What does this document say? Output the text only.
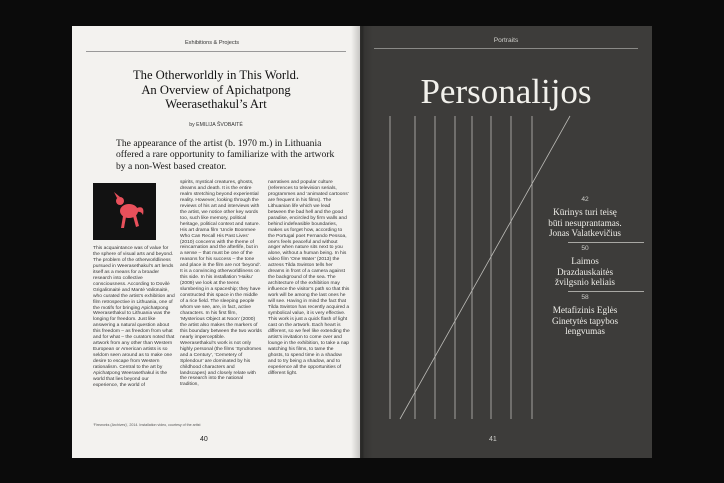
Exhibitions & Projects
The Otherworldly in This World.
An Overview of Apichatpong
Weerasethakul’s Art
by EMILIJA ŠVOBAITĖ
The appearance of the artist (b. 1970 m.) in Lithuania offered a rare opportunity to familiarize with the artwork by a non-West based creator.
This acquaintance was of value for the sphere of visual arts and beyond. The problem of the otherworldliness pursued in Weerasethakul’s art lends itself as a means for a broader research into collective consciousness. According to Dovilė Grigaliūnaitė and Mantė Valiūnaitė, who curated the artist’s exhibition and film retrospective in Lithuania, one of the motifs for bringing Apichatpong Weerasethakul to Lithuania was the longing for freedom. Just like answering a natural question about this freedom – as freedom from what and for what – the curators noted that artwork from any other than Western European or American artists is so seldom seen around as to make one desire to escape from Western rationalism. Central to the art by Apichatpong Weerasethakul is the world that lies beyond our experience, the world of
spirits, mystical creatures, ghosts, dreams and death. It is the entire realm stretching beyond experiential reality. However, looking through the reviews of his art and interviews with the artist, we notice other key words too, such like memory, political heritage, political context and nature. His art drama film ‘Uncle Boonmee Who Can Recall His Past Lives’ (2010) concerns with the theme of reincarnation and the afterlife, but in a sense – that must be one of the reasons for his success – the tone and place in the film are not ‘beyond’. It is a convincing otherworldliness on this side. In his installation ‘Haiku’ (2009) we look at the teens slumbering in a spaceship; they have constructed this space in the middle of a rice field. The sleeping people whom we see, are, in fact, active characters. In his first film, ‘Mysterious Object at Noon’ (2000) the artist also makes the markers of this boundary between the two worlds nearly imperceptible. Weerasethakul’s work is not only highly personal (the films ‘Syndromes and a Century’, ‘Cemetery of Splendour’ are dominated by his childhood characters and landscapes) and closely relate with the research into the national tradition,
narratives and popular culture (references to television serials, programmes and ‘animated cartoons’ are frequent in his films). The Lithuanian life which we lead between the bad hell and the good paradise, encircled by firm walls and behind indefeasible boundaries, makes us forget how, according to the Portugal poet Fernando Pessoa, one’s feels peaceful and without anger when nature sits next to you alone, without a human being. In his video film ‘One Water’ (2013) the actress Tilda Swinton tells her dreams in front of a camera against the background of the sea. The architecture of the exhibition may influence the visitor’s path so that this work will be among the last ones he will see. Having in mind the fact that Tilda Swinton has recently acquired a symbolical value, it is very effective. This work is just a quick flash of light cast on the artwork. Each heart is different, so we feel like extending the artist’s invitation to come over and lounge in the exhibition, to take a nap watching his films, to tame the ghosts, to spend time in a shadow and to try being a shadow, and to experience all the opportunities of different light.
‘Fireworks (Archives)’, 2014. Installation video, courtesy of the artist
40
Portraits
Personalijos
42
Kūrinys turi teisę
būti nesuprantamas.
Jonas Valatkevičius
50
Laimos
Drazdauskaitės
žvilgsnio keliais
58
Metafizinis Eglės
Ginetytės tapybos
lengvumas
41
